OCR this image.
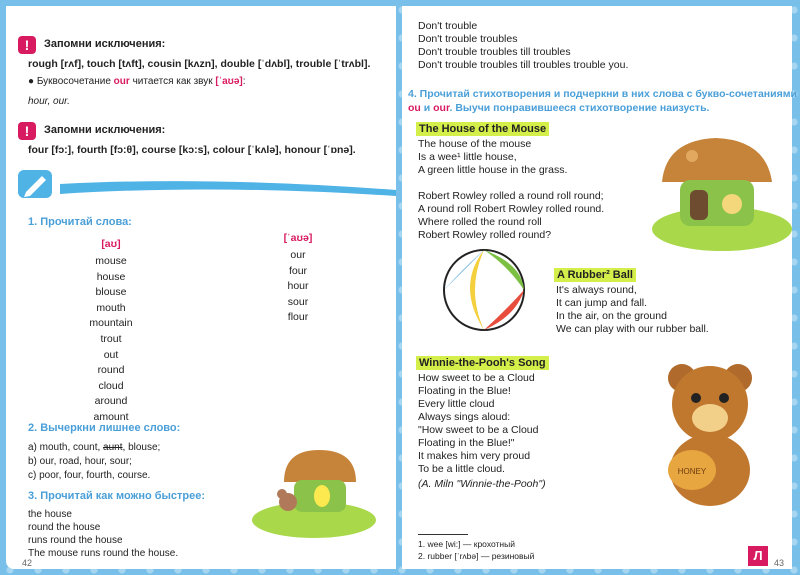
!	Запомни исключения:
rough [rʌf], touch [tʌft], cousin [kʌzn], double [ˈdʌbl], trouble [ˈtrʌbl].
● Буквосочетание our читается как звук [ˈaʊə]:
hour, our.
!	Запомни исключения:
four [fɔ:], fourth [fɔ:θ], course [kɔ:s], colour [ˈkʌlə], honour [ˈɒnə].
1. Прочитай слова:
[aʊ]
mouse
house
blouse
mouth
mountain
trout
out
round
cloud
around
amount
[ˈaʊə]
our
four
hour
sour
flour
2. Вычеркни лишнее слово:
a) mouth, count, aunt, blouse;
b) our, road, hour, sour;
c) poor, four, fourth, course.
3. Прочитай как можно быстрее:
the house
round the house
runs round the house
The mouse runs round the house.
42
Don't trouble
Don't trouble troubles
Don't trouble troubles till troubles
Don't trouble troubles till troubles trouble you.
4. Прочитай стихотворения и подчеркни в них слова с букво-сочетаниями
ou и our. Выучи понравившееся стихотворение наизусть.
The House of the Mouse
The house of the mouse
Is a wee¹ little house,
A green little house in the grass.

Robert Rowley rolled a round roll round;
A round roll Robert Rowley rolled round.
Where rolled the round roll
Robert Rowley rolled round?
A Rubber² Ball
It's always round,
It can jump and fall.
In the air, on the ground
We can play with our rubber ball.
Winnie-the-Pooh's Song
How sweet to be a Cloud
Floating in the Blue!
Every little cloud
Always sings aloud:
"How sweet to be a Cloud
Floating in the Blue!"
It makes him very proud
To be a little cloud.
(A. Miln "Winnie-the-Pooh")
HONEY
1. wee [wi:] — крохотный
2. rubber [ˈrʌbə] — резиновый	Л	43
